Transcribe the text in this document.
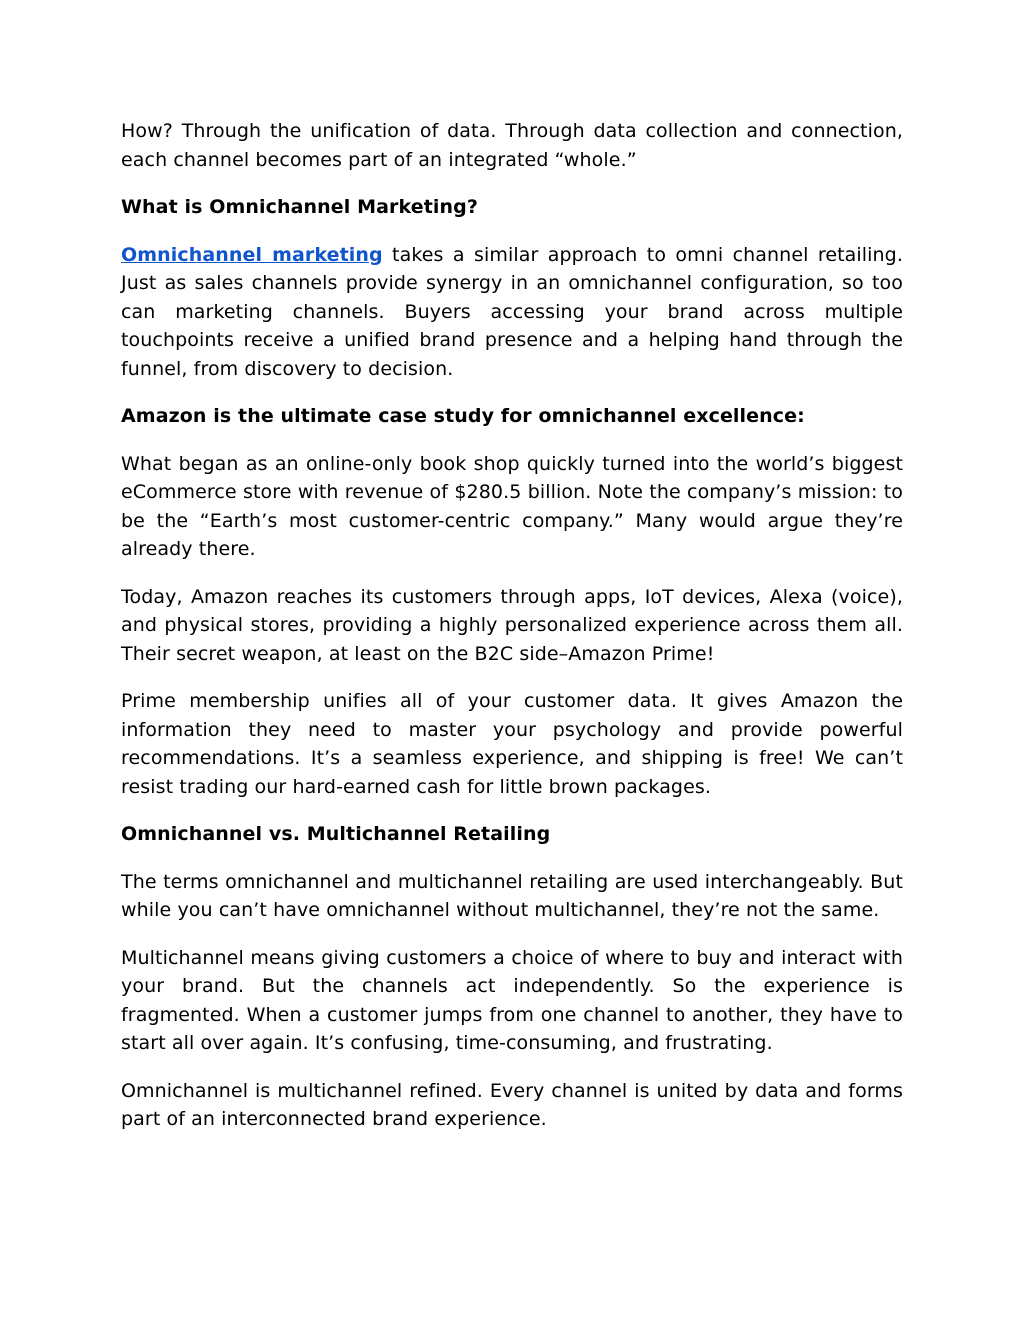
How? Through the unification of data. Through data collection and connection, each channel becomes part of an integrated “whole.”

What is Omnichannel Marketing?

Omnichannel marketing takes a similar approach to omni channel retailing. Just as sales channels provide synergy in an omnichannel configuration, so too can marketing channels. Buyers accessing your brand across multiple touchpoints receive a unified brand presence and a helping hand through the funnel, from discovery to decision.

Amazon is the ultimate case study for omnichannel excellence:

What began as an online-only book shop quickly turned into the world’s biggest eCommerce store with revenue of $280.5 billion. Note the company’s mission: to be the “Earth’s most customer-centric company.” Many would argue they’re already there.

Today, Amazon reaches its customers through apps, IoT devices, Alexa (voice), and physical stores, providing a highly personalized experience across them all. Their secret weapon, at least on the B2C side–Amazon Prime!

Prime membership unifies all of your customer data. It gives Amazon the information they need to master your psychology and provide powerful recommendations. It’s a seamless experience, and shipping is free! We can’t resist trading our hard-earned cash for little brown packages.

Omnichannel vs. Multichannel Retailing

The terms omnichannel and multichannel retailing are used interchangeably. But while you can’t have omnichannel without multichannel, they’re not the same.

Multichannel means giving customers a choice of where to buy and interact with your brand. But the channels act independently. So the experience is fragmented. When a customer jumps from one channel to another, they have to start all over again. It’s confusing, time-consuming, and frustrating.

Omnichannel is multichannel refined. Every channel is united by data and forms part of an interconnected brand experience.
